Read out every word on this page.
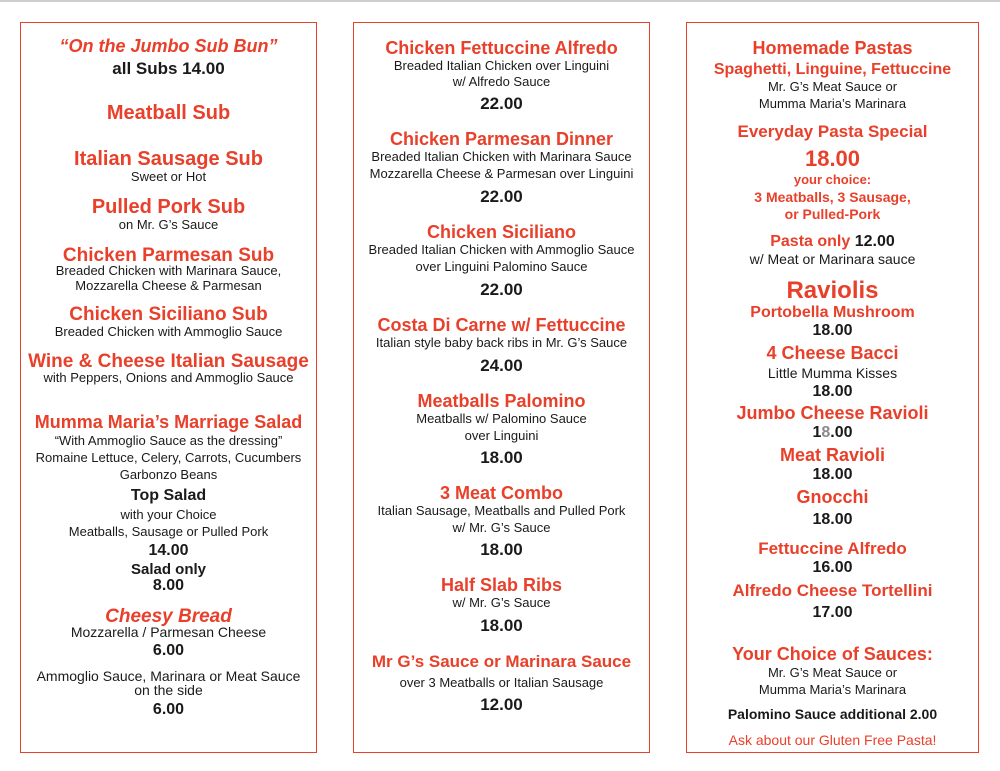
“On the Jumbo Sub Bun”
all Subs 14.00
Meatball Sub
Italian Sausage Sub
Sweet or Hot
Pulled Pork Sub
on Mr. G’s Sauce
Chicken Parmesan Sub
Breaded Chicken with Marinara Sauce,
Mozzarella Cheese & Parmesan
Chicken Siciliano Sub
Breaded Chicken with Ammoglio Sauce
Wine & Cheese Italian Sausage
with Peppers, Onions and Ammoglio Sauce
Mumma Maria’s Marriage Salad
“With Ammoglio Sauce as the dressing”
Romaine Lettuce, Celery, Carrots, Cucumbers
Garbonzo Beans
Top Salad
with your Choice
Meatballs, Sausage or Pulled Pork
14.00
Salad only
8.00
Cheesy Bread
Mozzarella / Parmesan Cheese
6.00
Ammoglio Sauce, Marinara or Meat Sauce
on the side
6.00
Chicken Fettuccine Alfredo
Breaded Italian Chicken over Linguini
w/ Alfredo Sauce
22.00
Chicken Parmesan Dinner
Breaded Italian Chicken with Marinara Sauce
Mozzarella Cheese & Parmesan over Linguini
22.00
Chicken Siciliano
Breaded Italian Chicken with Ammoglio Sauce
over Linguini Palomino Sauce
22.00
Costa Di Carne w/ Fettuccine
Italian style baby back ribs in Mr. G’s Sauce
24.00
Meatballs Palomino
Meatballs w/ Palomino Sauce
over Linguini
18.00
3 Meat Combo
Italian Sausage, Meatballs and Pulled Pork
w/ Mr. G’s Sauce
18.00
Half Slab Ribs
w/ Mr. G’s Sauce
18.00
Mr G’s Sauce or Marinara Sauce
over 3 Meatballs or Italian Sausage
12.00
Homemade Pastas
Spaghetti, Linguine, Fettuccine
Mr. G’s Meat Sauce or
Mumma Maria’s Marinara
Everyday Pasta Special
18.00
your choice:
3 Meatballs, 3 Sausage,
or Pulled-Pork
Pasta only 12.00
w/ Meat or Marinara sauce
Raviolis
Portobella Mushroom
18.00
4 Cheese Bacci
Little Mumma Kisses
18.00
Jumbo Cheese Ravioli
18.00
Meat Ravioli
18.00
Gnocchi
18.00
Fettuccine Alfredo
16.00
Alfredo Cheese Tortellini
17.00
Your Choice of Sauces:
Mr. G’s Meat Sauce or
Mumma Maria’s Marinara
Palomino Sauce additional 2.00
Ask about our Gluten Free Pasta!
